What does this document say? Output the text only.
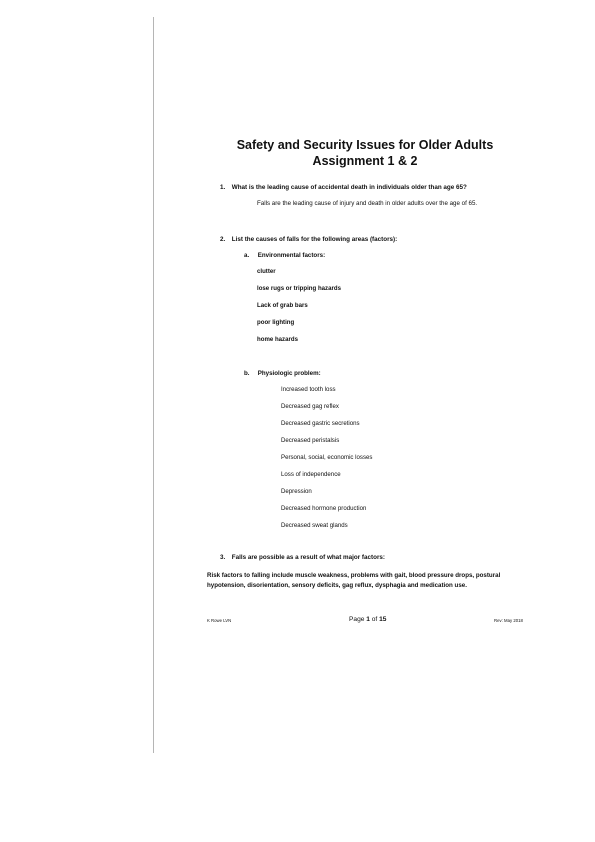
Safety and Security Issues for Older Adults
Assignment 1 & 2
1. What is the leading cause of accidental death in individuals older than age 65?
Falls are the leading cause of injury and death in older adults over the age of 65.
2. List the causes of falls for the following areas (factors):
a. Environmental factors:
clutter
lose rugs or tripping hazards
Lack of grab bars
poor lighting
home hazards
b. Physiologic problem:
Increased tooth loss
Decreased gag reflex
Decreased gastric secretions
Decreased peristalsis
Personal, social, economic losses
Loss of independence
Depression
Decreased hormone production
Decreased sweat glands
3. Falls are possible as a result of what major factors:
Risk factors to falling include muscle weakness, problems with gait, blood pressure drops, postural hypotension, disorientation, sensory deficits, gag reflux, dysphagia and medication use.
K Rowe LVN	Page 1 of 15	Rev: May 2018
